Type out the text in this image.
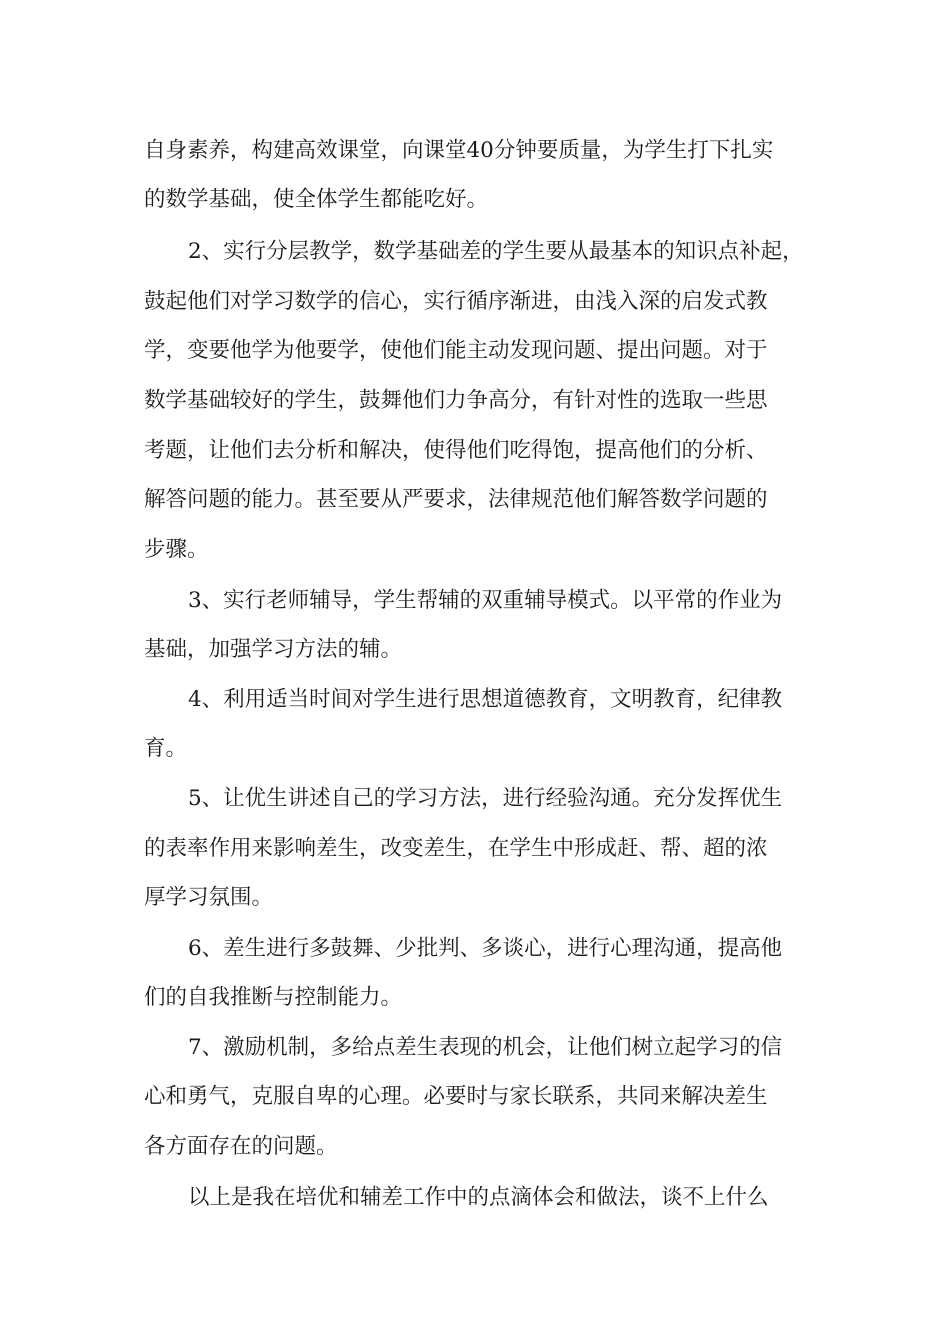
自身素养，构建高效课堂，向课堂40分钟要质量，为学生打下扎实
的数学基础，使全体学生都能吃好。
2、实行分层教学，数学基础差的学生要从最基本的知识点补起，
鼓起他们对学习数学的信心，实行循序渐进，由浅入深的启发式教
学，变要他学为他要学，使他们能主动发现问题、提出问题。对于
数学基础较好的学生，鼓舞他们力争高分，有针对性的选取一些思
考题，让他们去分析和解决，使得他们吃得饱，提高他们的分析、
解答问题的能力。甚至要从严要求，法律规范他们解答数学问题的
步骤。
3、实行老师辅导，学生帮辅的双重辅导模式。以平常的作业为
基础，加强学习方法的辅。
4、利用适当时间对学生进行思想道德教育，文明教育，纪律教
育。
5、让优生讲述自己的学习方法，进行经验沟通。充分发挥优生
的表率作用来影响差生，改变差生，在学生中形成赶、帮、超的浓
厚学习氛围。
6、差生进行多鼓舞、少批判、多谈心，进行心理沟通，提高他
们的自我推断与控制能力。
7、激励机制，多给点差生表现的机会，让他们树立起学习的信
心和勇气，克服自卑的心理。必要时与家长联系，共同来解决差生
各方面存在的问题。
以上是我在培优和辅差工作中的点滴体会和做法，谈不上什么
